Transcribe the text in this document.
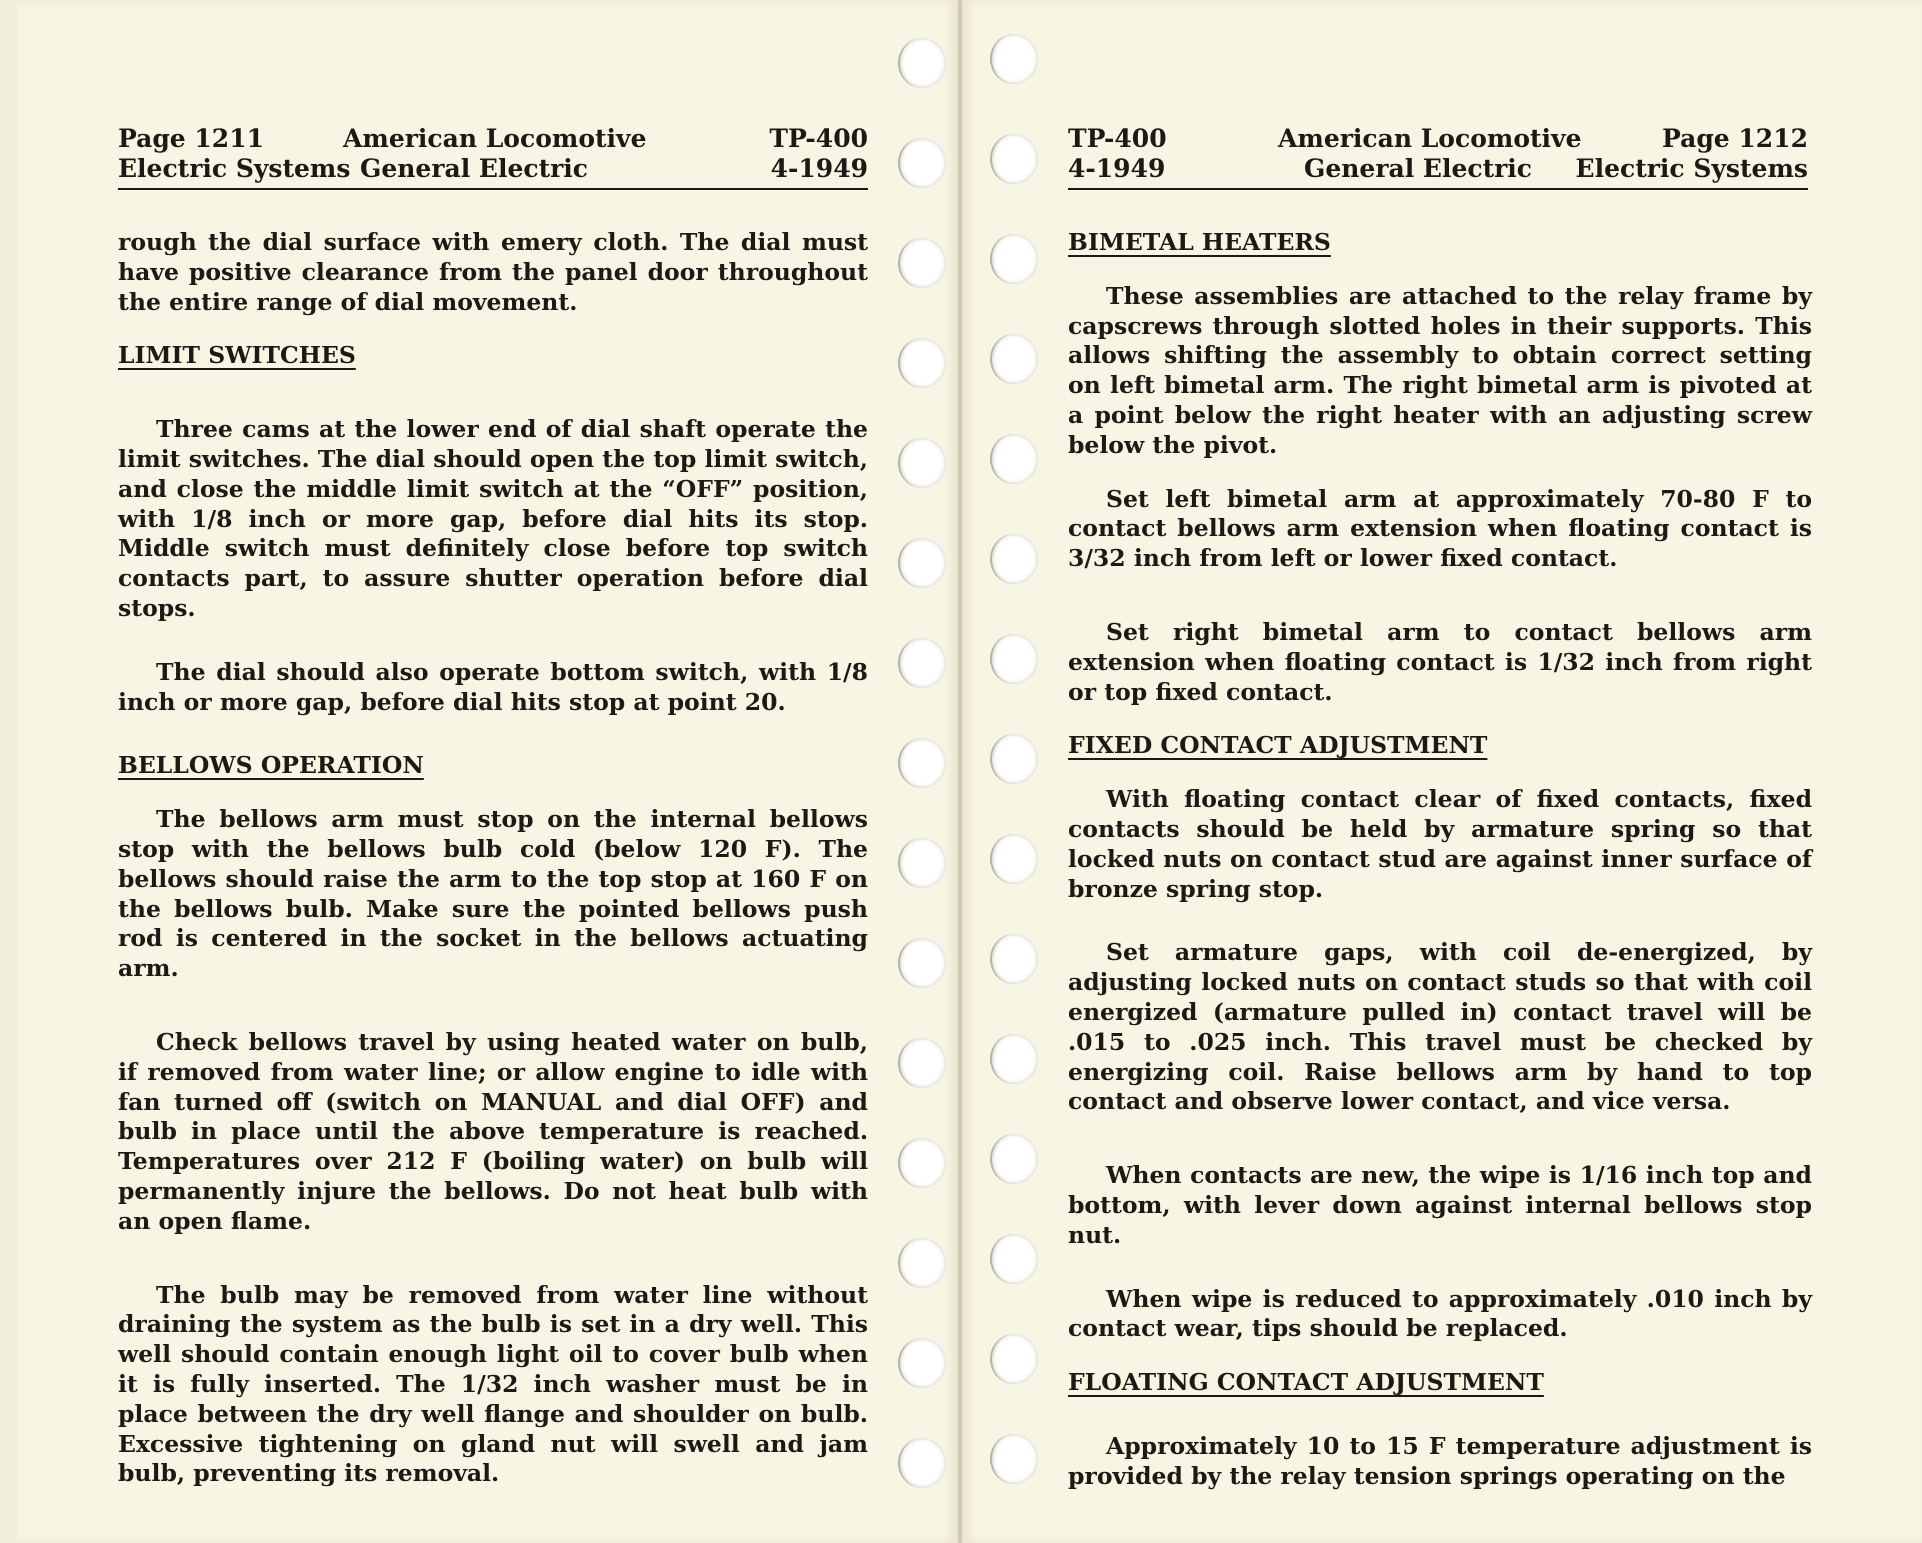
Page 1211	American Locomotive	TP-400
Electric Systems General Electric	4-1949

rough the dial surface with emery cloth. The dial must have positive clearance from the panel door throughout the entire range of dial movement.

LIMIT SWITCHES

Three cams at the lower end of dial shaft operate the limit switches. The dial should open the top limit switch, and close the middle limit switch at the “OFF” position, with 1/8 inch or more gap, before dial hits its stop. Middle switch must definitely close before top switch contacts part, to assure shutter operation before dial stops.

The dial should also operate bottom switch, with 1/8 inch or more gap, before dial hits stop at point 20.

BELLOWS OPERATION

The bellows arm must stop on the internal bellows stop with the bellows bulb cold (below 120 F). The bellows should raise the arm to the top stop at 160 F on the bellows bulb. Make sure the pointed bellows push rod is centered in the socket in the bellows actuating arm.

Check bellows travel by using heated water on bulb, if removed from water line; or allow engine to idle with fan turned off (switch on MANUAL and dial OFF) and bulb in place until the above temperature is reached. Temperatures over 212 F (boiling water) on bulb will permanently injure the bellows. Do not heat bulb with an open flame.

The bulb may be removed from water line without draining the system as the bulb is set in a dry well. This well should contain enough light oil to cover bulb when it is fully inserted. The 1/32 inch washer must be in place between the dry well flange and shoulder on bulb. Excessive tightening on gland nut will swell and jam bulb, preventing its removal.

TP-400	American Locomotive	Page 1212
4-1949	General Electric Electric Systems

BIMETAL HEATERS

These assemblies are attached to the relay frame by capscrews through slotted holes in their supports. This allows shifting the assembly to obtain correct setting on left bimetal arm. The right bimetal arm is pivoted at a point below the right heater with an adjusting screw below the pivot.

Set left bimetal arm at approximately 70-80 F to contact bellows arm extension when floating contact is 3/32 inch from left or lower fixed contact.

Set right bimetal arm to contact bellows arm extension when floating contact is 1/32 inch from right or top fixed contact.

FIXED CONTACT ADJUSTMENT

With floating contact clear of fixed contacts, fixed contacts should be held by armature spring so that locked nuts on contact stud are against inner surface of bronze spring stop.

Set armature gaps, with coil de-energized, by adjusting locked nuts on contact studs so that with coil energized (armature pulled in) contact travel will be .015 to .025 inch. This travel must be checked by energizing coil. Raise bellows arm by hand to top contact and observe lower contact, and vice versa.

When contacts are new, the wipe is 1/16 inch top and bottom, with lever down against internal bellows stop nut.

When wipe is reduced to approximately .010 inch by contact wear, tips should be replaced.

FLOATING CONTACT ADJUSTMENT

Approximately 10 to 15 F temperature adjustment is provided by the relay tension springs operating on the
